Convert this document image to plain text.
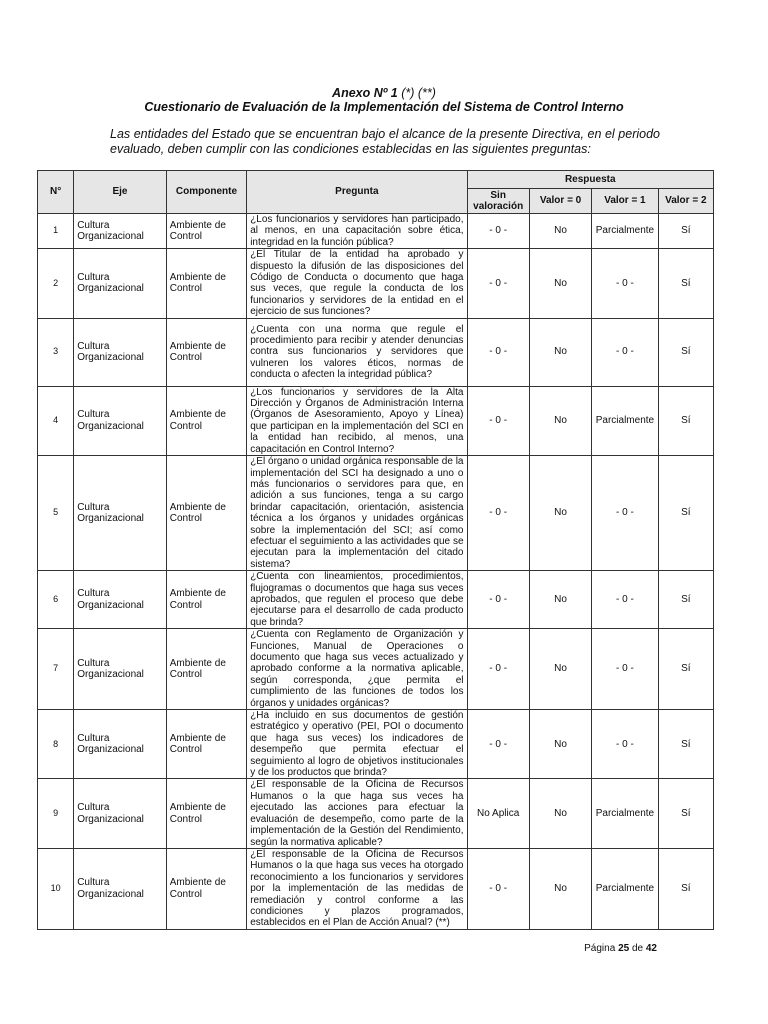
Anexo Nº 1 (*) (**)
Cuestionario de Evaluación de la Implementación del Sistema de Control Interno
Las entidades del Estado que se encuentran bajo el alcance de la presente Directiva, en el periodo evaluado, deben cumplir con las condiciones establecidas en las siguientes preguntas:
N°	Eje	Componente	Pregunta	Respuesta			
				Sin valoración	Valor = 0	Valor = 1	Valor = 2
1	Cultura Organizacional	Ambiente de Control	¿Los funcionarios y servidores han participado, al menos, en una capacitación sobre ética, integridad en la función pública?	- 0 -	No	Parcialmente	Sí
2	Cultura Organizacional	Ambiente de Control	¿El Titular de la entidad ha aprobado y dispuesto la difusión de las disposiciones del Código de Conducta o documento que haga sus veces, que regule la conducta de los funcionarios y servidores de la entidad en el ejercicio de sus funciones?	- 0 -	No	- 0 -	Sí
3	Cultura Organizacional	Ambiente de Control	¿Cuenta con una norma que regule el procedimiento para recibir y atender denuncias contra sus funcionarios y servidores que vulneren los valores éticos, normas de conducta o afecten la integridad pública?	- 0 -	No	- 0 -	Sí
4	Cultura Organizacional	Ambiente de Control	¿Los funcionarios y servidores de la Alta Dirección y Órganos de Administración Interna (Órganos de Asesoramiento, Apoyo y Línea) que participan en la implementación del SCI en la entidad han recibido, al menos, una capacitación en Control Interno?	- 0 -	No	Parcialmente	Sí
5	Cultura Organizacional	Ambiente de Control	¿El órgano o unidad orgánica responsable de la implementación del SCI ha designado a uno o más funcionarios o servidores para que, en adición a sus funciones, tenga a su cargo brindar capacitación, orientación, asistencia técnica a los órganos y unidades orgánicas sobre la implementación del SCI; así como efectuar el seguimiento a las actividades que se ejecutan para la implementación del citado sistema?	- 0 -	No	- 0 -	Sí
6	Cultura Organizacional	Ambiente de Control	¿Cuenta con lineamientos, procedimientos, flujogramas o documentos que haga sus veces aprobados, que regulen el proceso que debe ejecutarse para el desarrollo de cada producto que brinda?	- 0 -	No	- 0 -	Sí
7	Cultura Organizacional	Ambiente de Control	¿Cuenta con Reglamento de Organización y Funciones, Manual de Operaciones o documento que haga sus veces actualizado y aprobado conforme a la normativa aplicable, según corresponda, ¿que permita el cumplimiento de las funciones de todos los órganos y unidades orgánicas?	- 0 -	No	- 0 -	Sí
8	Cultura Organizacional	Ambiente de Control	¿Ha incluido en sus documentos de gestión estratégico y operativo (PEI, POI o documento que haga sus veces) los indicadores de desempeño que permita efectuar el seguimiento al logro de objetivos institucionales y de los productos que brinda?	- 0 -	No	- 0 -	Sí
9	Cultura Organizacional	Ambiente de Control	¿El responsable de la Oficina de Recursos Humanos o la que haga sus veces ha ejecutado las acciones para efectuar la evaluación de desempeño, como parte de la implementación de la Gestión del Rendimiento, según la normativa aplicable?	No Aplica	No	Parcialmente	Sí
10	Cultura Organizacional	Ambiente de Control	¿El responsable de la Oficina de Recursos Humanos o la que haga sus veces ha otorgado reconocimiento a los funcionarios y servidores por la implementación de las medidas de remediación y control conforme a las condiciones y plazos programados, establecidos en el Plan de Acción Anual? (**)	- 0 -	No	Parcialmente	Sí
Página 25 de 42
